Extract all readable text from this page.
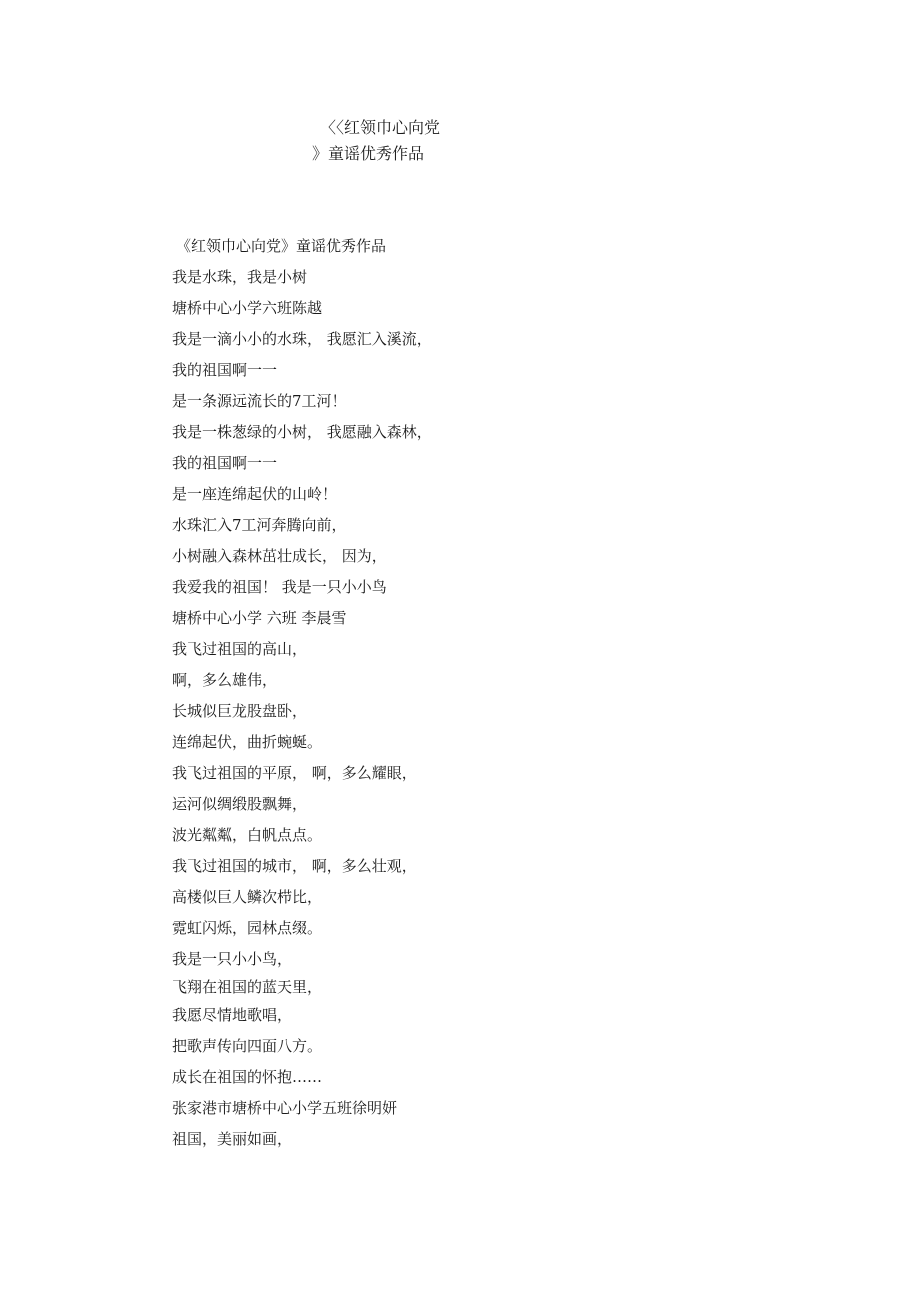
〈〈红领巾心向党
》童谣优秀作品
《红领巾心向党》童谣优秀作品
我是水珠，我是小树
塘桥中心小学六班陈越
我是一滴小小的水珠， 我愿汇入溪流，
我的祖国啊一一
是一条源远流长的7工河！
我是一株葱绿的小树， 我愿融入森林，
我的祖国啊一一
是一座连绵起伏的山岭！
水珠汇入7工河奔腾向前，
小树融入森林茁壮成长， 因为，
我爱我的祖国！ 我是一只小小鸟
塘桥中心小学 六班 李晨雪
我飞过祖国的高山，
啊，多么雄伟，
长城似巨龙股盘卧，
连绵起伏，曲折蜿蜒。
我飞过祖国的平原， 啊，多么耀眼，
运河似绸缎股飘舞，
波光粼粼，白帆点点。
我飞过祖国的城市， 啊，多么壮观，
高楼似巨人鳞次栉比，
霓虹闪烁，园林点缀。
我是一只小小鸟，
飞翔在祖国的蓝天里，
我愿尽情地歌唱，
把歌声传向四面八方。
成长在祖国的怀抱……
张家港市塘桥中心小学五班徐明妍
祖国，美丽如画，
